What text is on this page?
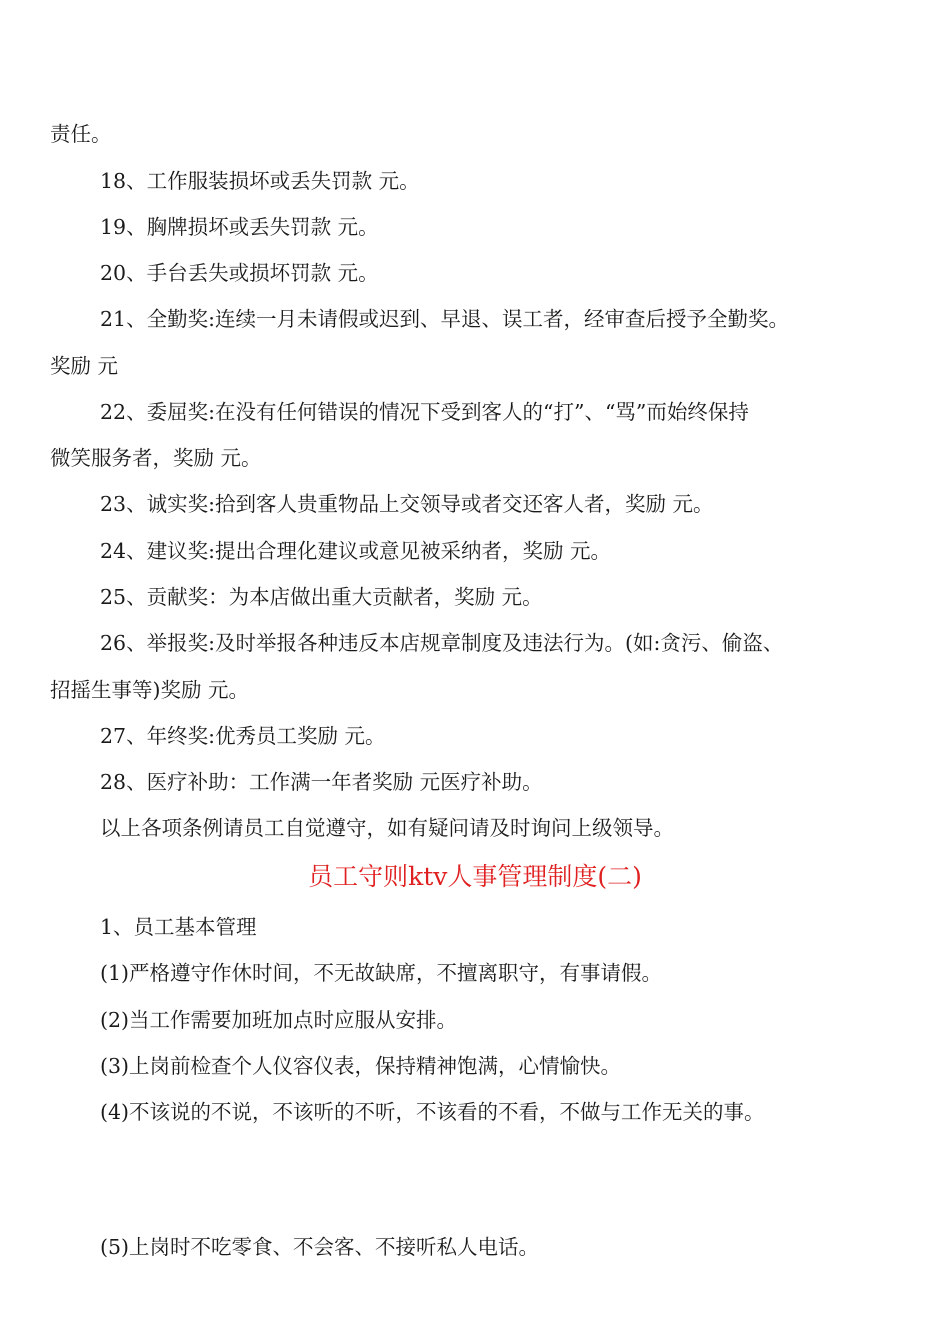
责任。
18、工作服装损坏或丢失罚款 元。
19、胸牌损坏或丢失罚款 元。
20、手台丢失或损坏罚款 元。
21、全勤奖:连续一月未请假或迟到、早退、误工者，经审查后授予全勤奖。
奖励 元
22、委屈奖:在没有任何错误的情况下受到客人的“打”、“骂”而始终保持
微笑服务者，奖励 元。
23、诚实奖:拾到客人贵重物品上交领导或者交还客人者，奖励 元。
24、建议奖:提出合理化建议或意见被采纳者，奖励 元。
25、贡献奖：为本店做出重大贡献者，奖励 元。
26、举报奖:及时举报各种违反本店规章制度及违法行为。(如:贪污、偷盗、
招摇生事等)奖励 元。
27、年终奖:优秀员工奖励 元。
28、医疗补助：工作满一年者奖励 元医疗补助。
以上各项条例请员工自觉遵守，如有疑问请及时询问上级领导。
员工守则ktv人事管理制度(二)
1、员工基本管理
(1)严格遵守作休时间，不无故缺席，不擅离职守，有事请假。
(2)当工作需要加班加点时应服从安排。
(3)上岗前检查个人仪容仪表，保持精神饱满，心情愉快。
(4)不该说的不说，不该听的不听，不该看的不看，不做与工作无关的事。
(5)上岗时不吃零食、不会客、不接听私人电话。
